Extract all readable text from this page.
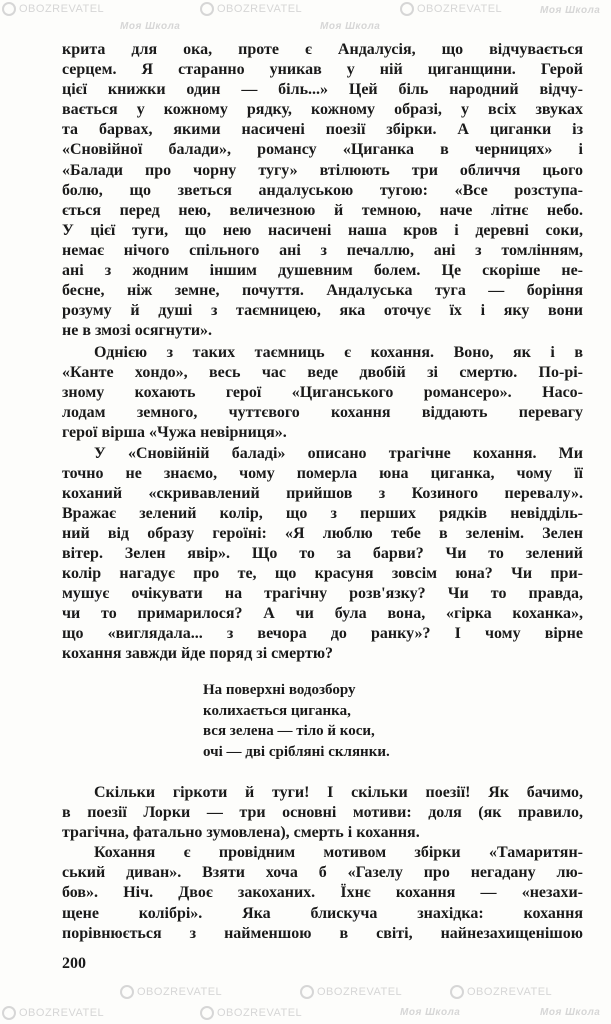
OBOZREVATEL	OBOZREVATEL	OBOZREVATEL	Моя Школа
Моя Школа	Моя Школа
OBOZREVATEL	OBOZREVATEL	OBOZREVATEL
OBOZREVATEL	OBOZREVATEL	Моя Школа	Моя Школа
крита для ока, проте є Андалусія, що відчувається
серцем. Я старанно уникав у ній циганщини. Герой
цієї книжки один — біль...» Цей біль народний відчу-
вається у кожному рядку, кожному образі, у всіх звуках
та барвах, якими насичені поезії збірки. А циганки із
«Сновійної балади», романсу «Циганка в черницях» і
«Балади про чорну тугу» втілюють три обличчя цього
болю, що зветься андалуською тугою: «Все розступа-
ється перед нею, величезною й темною, наче літнє небо.
У цієї туги, що нею насичені наша кров і деревні соки,
немає нічого спільного ані з печаллю, ані з томлінням,
ані з жодним іншим душевним болем. Це скоріше не-
бесне, ніж земне, почуття. Андалуська туга — боріння
розуму й душі з таємницею, яка оточує їх і яку вони
не в змозі осягнути».
Однією з таких таємниць є кохання. Воно, як і в
«Канте хондо», весь час веде двобій зі смертю. По-рі-
зному кохають герої «Циганського романсеро». Насо-
лодам земного, чуттєвого кохання віддають перевагу
герої вірша «Чужа невірниця».
У «Сновійній баладі» описано трагічне кохання. Ми
точно не знаємо, чому померла юна циганка, чому її
коханий «скривавлений прийшов з Козиного перевалу».
Вражає зелений колір, що з перших рядків невідділь-
ний від образу героїні: «Я люблю тебе в зеленім. Зелен
вітер. Зелен явір». Що то за барви? Чи то зелений
колір нагадує про те, що красуня зовсім юна? Чи при-
мушує очікувати на трагічну розв'язку? Чи то правда,
чи то примарилося? А чи була вона, «гірка коханка»,
що «виглядала... з вечора до ранку»? І чому вірне
кохання завжди йде поряд зі смертю?
На поверхні водозбору
колихається циганка,
вся зелена — тіло й коси,
очі — дві срібляні склянки.
Скільки гіркоти й туги! І скільки поезії! Як бачимо,
в поезії Лорки — три основні мотиви: доля (як правило,
трагічна, фатально зумовлена), смерть і кохання.
Кохання є провідним мотивом збірки «Тамаритян-
ський диван». Взяти хоча б «Газелу про негадану лю-
бов». Ніч. Двоє закоханих. Їхнє кохання — «незахи-
щене колібрі». Яка блискуча знахідка: кохання
порівнюється з найменшою в світі, найнезахищенішою
200
